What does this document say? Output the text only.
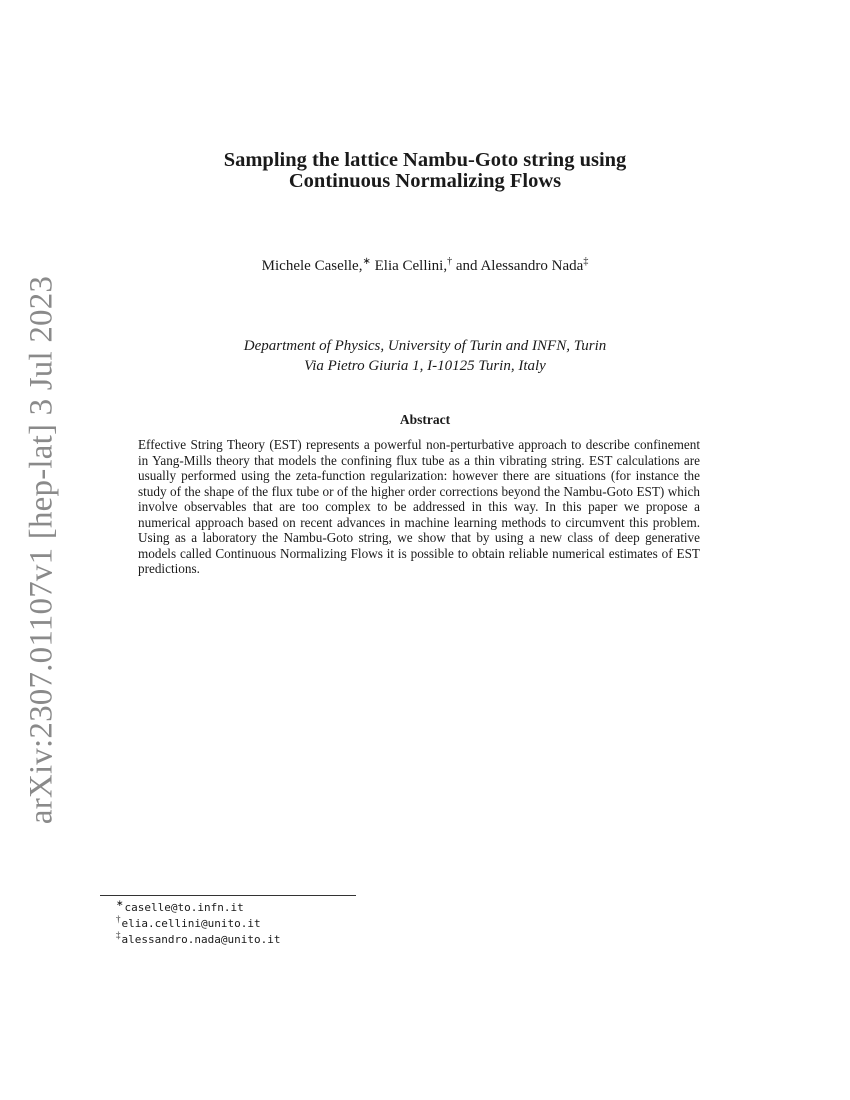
arXiv:2307.01107v1 [hep-lat] 3 Jul 2023
Sampling the lattice Nambu-Goto string using
Continuous Normalizing Flows
Michele Caselle,∗ Elia Cellini,† and Alessandro Nada‡
Department of Physics, University of Turin and INFN, Turin
Via Pietro Giuria 1, I-10125 Turin, Italy
Abstract
Effective String Theory (EST) represents a powerful non-perturbative approach to describe confinement in Yang-Mills theory that models the confining flux tube as a thin vibrating string. EST calculations are usually performed using the zeta-function regularization: however there are situations (for instance the study of the shape of the flux tube or of the higher order corrections beyond the Nambu-Goto EST) which involve observables that are too complex to be addressed in this way. In this paper we propose a numerical approach based on recent advances in machine learning methods to circumvent this problem. Using as a laboratory the Nambu-Goto string, we show that by using a new class of deep generative models called Continuous Normalizing Flows it is possible to obtain reliable numerical estimates of EST predictions.
∗caselle@to.infn.it
†elia.cellini@unito.it
‡alessandro.nada@unito.it
